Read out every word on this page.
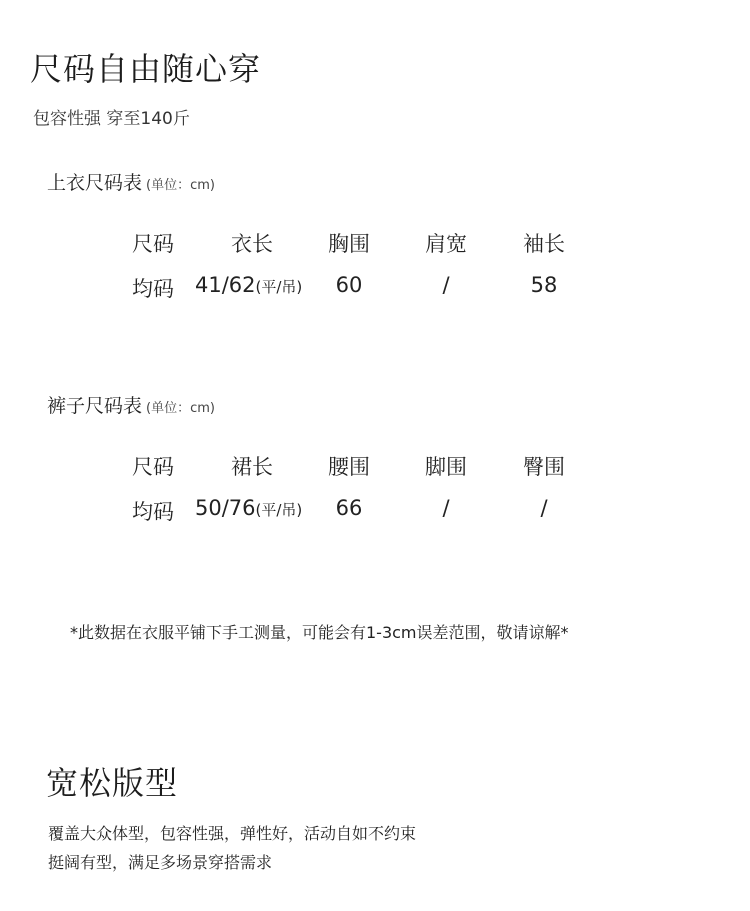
尺码自由随心穿
包容性强 穿至140斤
上衣尺码表 (单位：cm)
尺码	衣长	胸围	肩宽	袖长
均码	41/62(平/吊)	60	/	58
裤子尺码表 (单位：cm)
尺码	裙长	腰围	脚围	臀围
均码	50/76(平/吊)	66	/	/
*此数据在衣服平铺下手工测量，可能会有1-3cm误差范围，敬请谅解*
宽松版型
覆盖大众体型，包容性强，弹性好，活动自如不约束
挺阔有型，满足多场景穿搭需求
